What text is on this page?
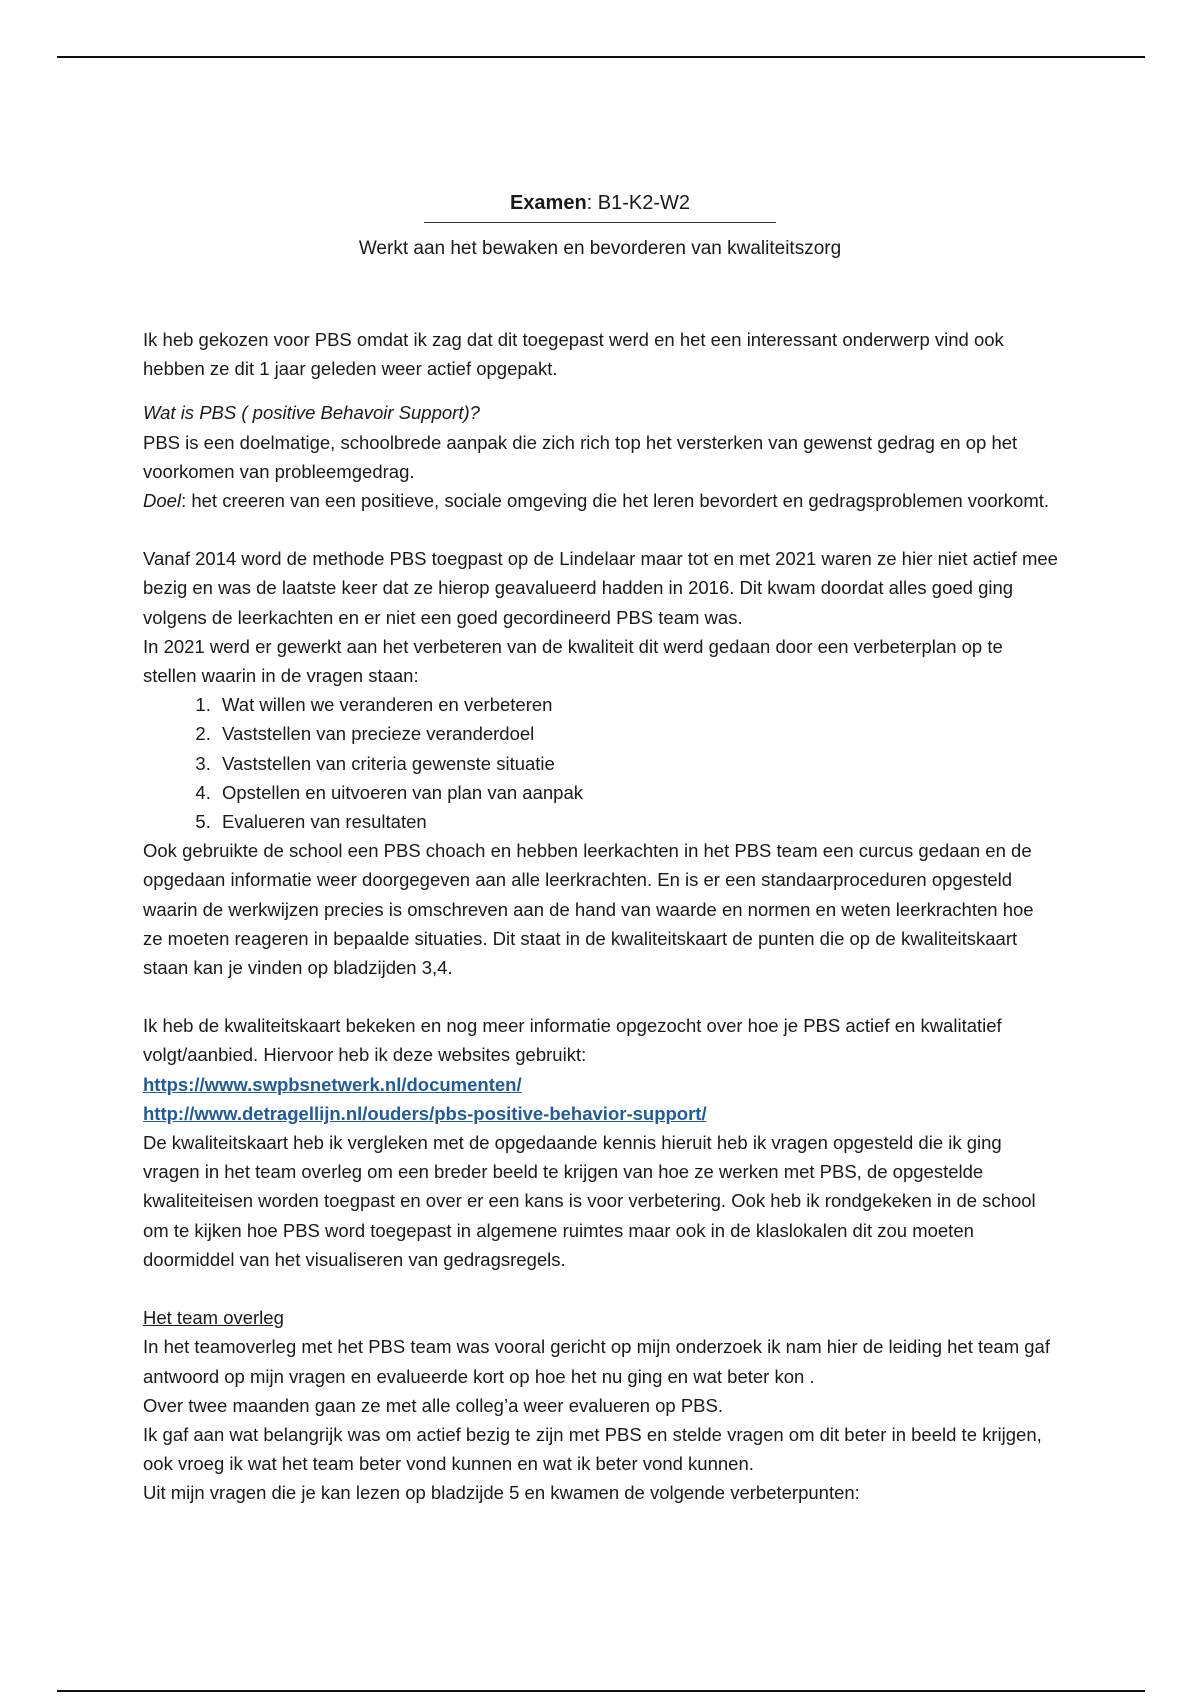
Examen: B1-K2-W2
Werkt aan het bewaken en bevorderen van kwaliteitszorg

Ik heb gekozen voor PBS omdat ik zag dat dit toegepast werd en het een interessant onderwerp vind ook hebben ze dit 1 jaar geleden weer actief opgepakt.

Wat is PBS ( positive Behavoir Support)?

PBS is een doelmatige, schoolbrede aanpak die zich rich top het versterken van gewenst gedrag en op het voorkomen van probleemgedrag.

Doel: het creeren van een positieve, sociale omgeving die het leren bevordert en gedragsproblemen voorkomt.

Vanaf 2014 word de methode PBS toegpast op de Lindelaar maar tot en met 2021 waren ze hier niet actief mee bezig en was de laatste keer dat ze hierop geavalueerd hadden in 2016. Dit kwam doordat alles goed ging volgens de leerkachten en er niet een goed gecordineerd PBS team was.

In 2021 werd er gewerkt aan het verbeteren van de kwaliteit dit werd gedaan door een verbeterplan op te stellen waarin in de vragen staan:

1. Wat willen we veranderen en verbeteren
2. Vaststellen van precieze veranderdoel
3. Vaststellen van criteria gewenste situatie
4. Opstellen en uitvoeren van plan van aanpak
5. Evalueren van resultaten

Ook gebruikte de school een PBS choach en hebben leerkachten in het PBS team een curcus gedaan en de opgedaan informatie weer doorgegeven aan alle leerkrachten. En is er een standaarproceduren opgesteld waarin de werkwijzen precies is omschreven aan de hand van waarde en normen en weten leerkrachten hoe ze moeten reageren in bepaalde situaties. Dit staat in de kwaliteitskaart de punten die op de kwaliteitskaart staan kan je vinden op bladzijden 3,4.

Ik heb de kwaliteitskaart bekeken en nog meer informatie opgezocht over hoe je PBS actief en kwalitatief volgt/aanbied. Hiervoor heb ik deze websites gebruikt:

https://www.swpbsnetwerk.nl/documenten/
http://www.detragellijn.nl/ouders/pbs-positive-behavior-support/

De kwaliteitskaart heb ik vergleken met de opgedaande kennis hieruit heb ik vragen opgesteld die ik ging vragen in het team overleg om een breder beeld te krijgen van hoe ze werken met PBS, de opgestelde kwaliteiteisen worden toegpast en over er een kans is voor verbetering. Ook heb ik rondgekeken in de school om te kijken hoe PBS word toegepast in algemene ruimtes maar ook in de klaslokalen dit zou moeten doormiddel van het visualiseren van gedragsregels.

Het team overleg

In het teamoverleg met het PBS team was vooral gericht op mijn onderzoek ik nam hier de leiding het team gaf antwoord op mijn vragen en evalueerde kort op hoe het nu ging en wat beter kon .

Over twee maanden gaan ze met alle colleg’a weer evalueren op PBS.

Ik gaf aan wat belangrijk was om actief bezig te zijn met PBS en stelde vragen om dit beter in beeld te krijgen, ook vroeg ik wat het team beter vond kunnen en wat ik beter vond kunnen.

Uit mijn vragen die je kan lezen op bladzijde 5 en kwamen de volgende verbeterpunten:
